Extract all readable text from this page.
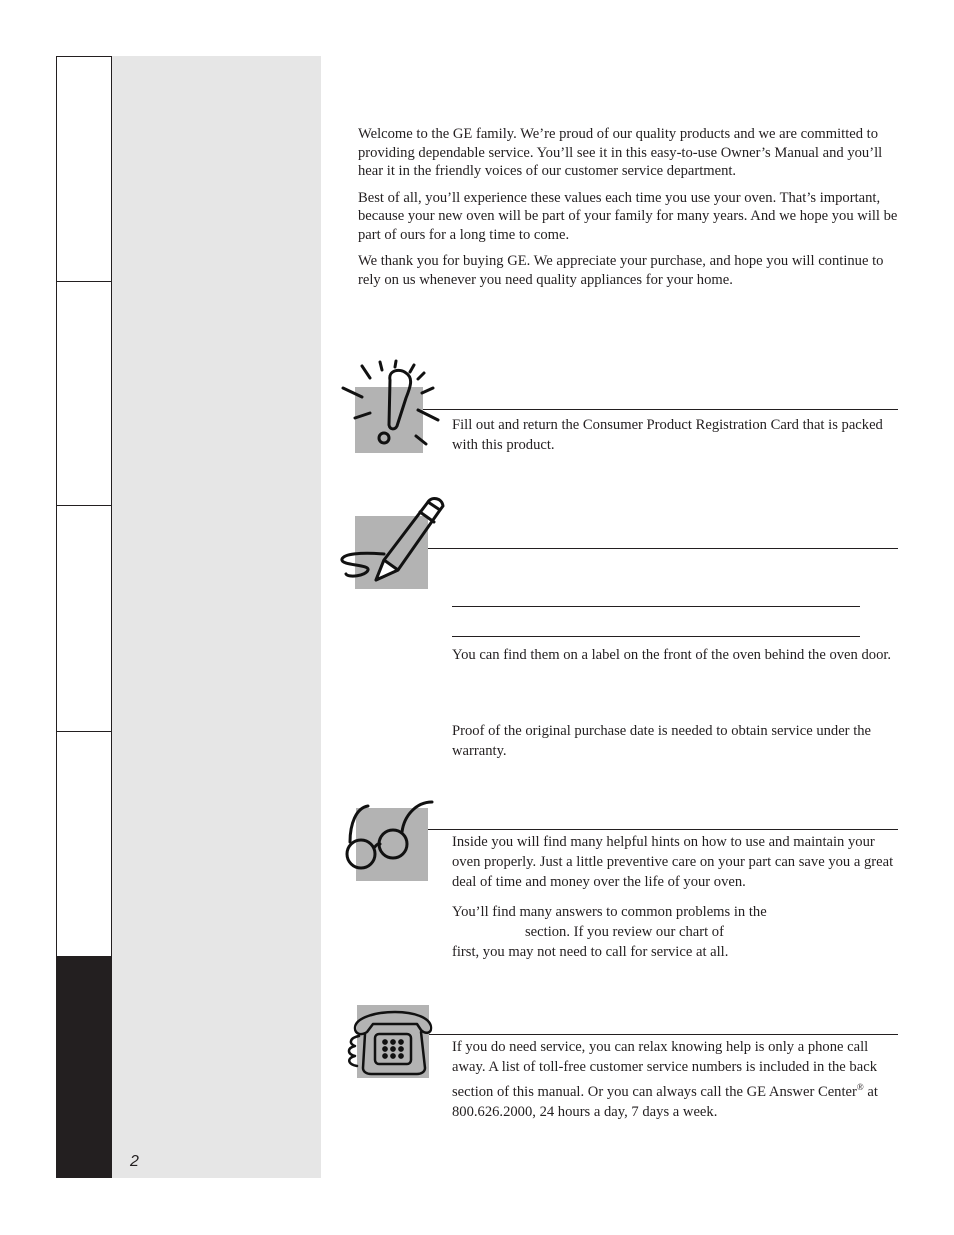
2

Welcome to the GE family. We’re proud of our quality products and we are committed to providing dependable service. You’ll see it in this easy-to-use Owner’s Manual and you’ll hear it in the friendly voices of our customer service department.

Best of all, you’ll experience these values each time you use your oven. That’s important, because your new oven will be part of your family for many years. And we hope you will be part of ours for a long time to come.

We thank you for buying GE. We appreciate your purchase, and hope you will continue to rely on us whenever you need quality appliances for your home.

Fill out and return the Consumer Product Registration Card that is packed with this product.

You can find them on a label on the front of the oven behind the oven door.

Proof of the original purchase date is needed to obtain service under the warranty.

Inside you will find many helpful hints on how to use and maintain your oven properly. Just a little preventive care on your part can save you a great deal of time and money over the life of your oven.

You’ll find many answers to common problems in the
section. If you review our chart of
first, you may not need to call for service at all.

If you do need service, you can relax knowing help is only a phone call away. A list of toll-free customer service numbers is included in the back section of this manual. Or you can always call the GE Answer Center® at 800.626.2000, 24 hours a day, 7 days a week.
